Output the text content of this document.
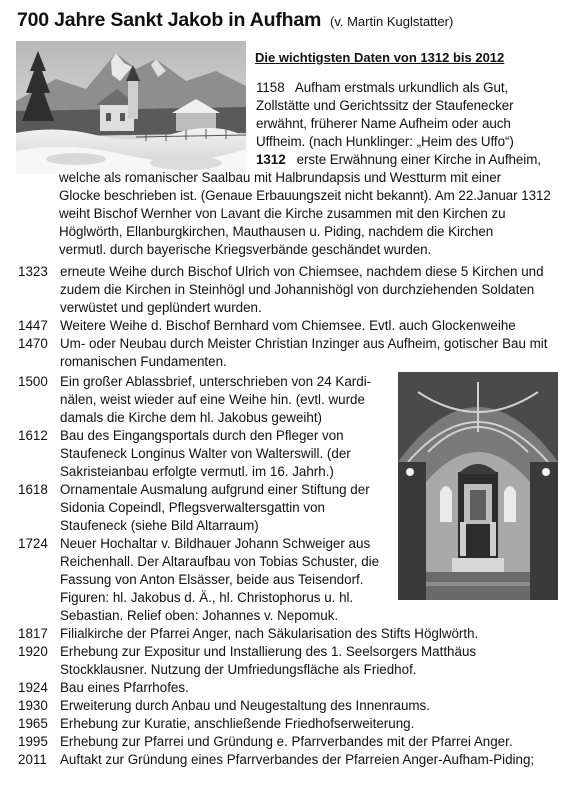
700 Jahre Sankt Jakob in Aufham (v. Martin Kuglstatter)
Die wichtigsten Daten von 1312 bis 2012
1158 Aufham erstmals urkundlich als Gut,
Zollstätte und Gerichtssitz der Staufenecker
erwähnt, früherer Name Aufheim oder auch
Uffheim. (nach Hunklinger: „Heim des Uffo“)
1312 erste Erwähnung einer Kirche in Aufheim,
welche als romanischer Saalbau mit Halbrundapsis und Westturm mit einer
Glocke beschrieben ist. (Genaue Erbauungszeit nicht bekannt). Am 22.Januar 1312
weiht Bischof Wernher von Lavant die Kirche zusammen mit den Kirchen zu
Höglwörth, Ellanburgkirchen, Mauthausen u. Piding, nachdem die Kirchen
vermutl. durch bayerische Kriegsverbände geschändet wurden.
1323 erneute Weihe durch Bischof Ulrich von Chiemsee, nachdem diese 5 Kirchen und
zudem die Kirchen in Steinhögl und Johannishögl von durchziehenden Soldaten
verwüstet und geplündert wurden.
1447 Weitere Weihe d. Bischof Bernhard vom Chiemsee. Evtl. auch Glockenweihe
1470 Um- oder Neubau durch Meister Christian Inzinger aus Aufheim, gotischer Bau mit
romanischen Fundamenten.
1500 Ein großer Ablassbrief, unterschrieben von 24 Kardi-
nälen, weist wieder auf eine Weihe hin. (evtl. wurde
damals die Kirche dem hl. Jakobus geweiht)
1612 Bau des Eingangsportals durch den Pfleger von
Staufeneck Longinus Walter von Walterswill. (der
Sakristeianbau erfolgte vermutl. im 16. Jahrh.)
1618 Ornamentale Ausmalung aufgrund einer Stiftung der
Sidonia Copeindl, Pflegsverwaltersgattin von
Staufeneck (siehe Bild Altarraum)
1724 Neuer Hochaltar v. Bildhauer Johann Schweiger aus
Reichenhall. Der Altaraufbau von Tobias Schuster, die
Fassung von Anton Elsässer, beide aus Teisendorf.
Figuren: hl. Jakobus d. Ä., hl. Christophorus u. hl.
Sebastian. Relief oben: Johannes v. Nepomuk.
1817 Filialkirche der Pfarrei Anger, nach Säkularisation des Stifts Höglwörth.
1920 Erhebung zur Expositur und Installierung des 1. Seelsorgers Matthäus
Stockklausner. Nutzung der Umfriedungsfläche als Friedhof.
1924 Bau eines Pfarrhofes.
1930 Erweiterung durch Anbau und Neugestaltung des Innenraums.
1965 Erhebung zur Kuratie, anschließende Friedhofserweiterung.
1995 Erhebung zur Pfarrei und Gründung e. Pfarrverbandes mit der Pfarrei Anger.
2011 Auftakt zur Gründung eines Pfarrverbandes der Pfarreien Anger-Aufham-Piding;
